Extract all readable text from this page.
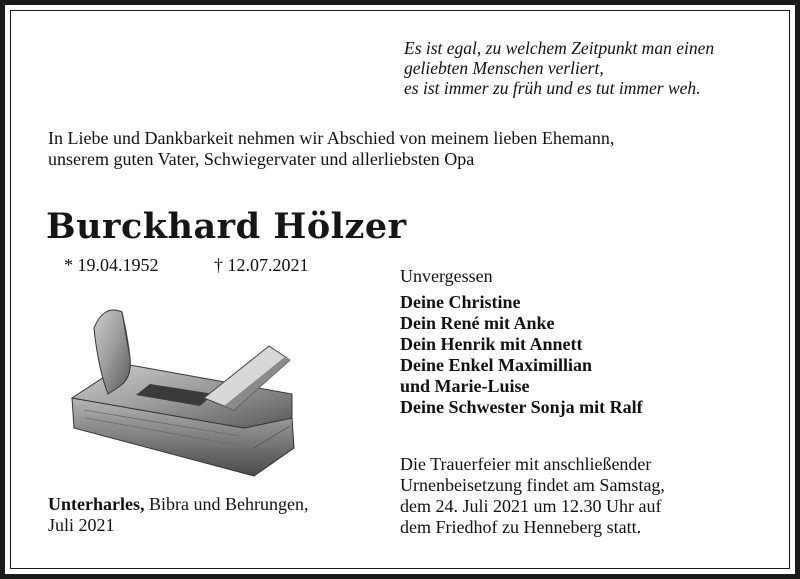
Es ist egal, zu welchem Zeitpunkt man einen
geliebten Menschen verliert,
es ist immer zu früh und es tut immer weh.
In Liebe und Dankbarkeit nehmen wir Abschied von meinem lieben Ehemann,
unserem guten Vater, Schwiegervater und allerliebsten Opa
Burckhard Hölzer
* 19.04.1952	† 12.07.2021
Unvergessen
Deine Christine
Dein René mit Anke
Dein Henrik mit Annett
Deine Enkel Maximillian
und Marie-Luise
Deine Schwester Sonja mit Ralf
Unterharles, Bibra und Behrungen,
Juli 2021
Die Trauerfeier mit anschließender
Urnenbeisetzung findet am Samstag,
dem 24. Juli 2021 um 12.30 Uhr auf
dem Friedhof zu Henneberg statt.
